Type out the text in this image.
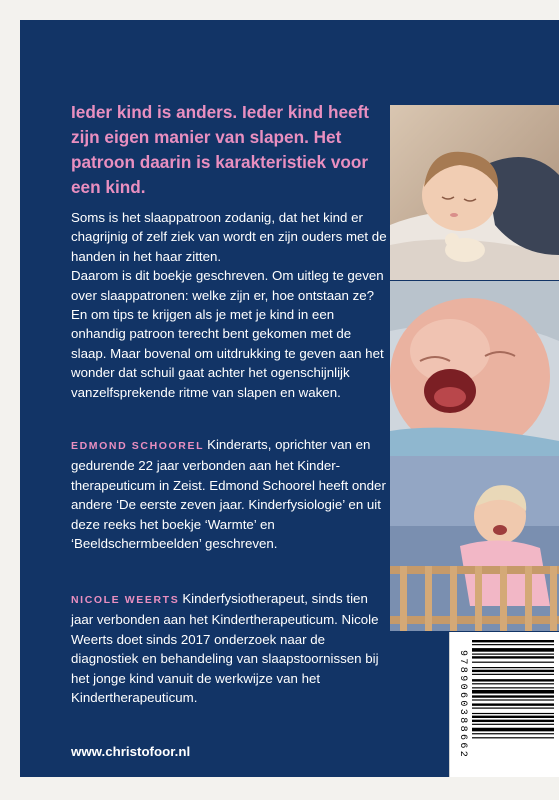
Ieder kind is anders. Ieder kind heeft zijn eigen manier van slapen. Het patroon daarin is karakteristiek voor een kind.

Soms is het slaappatroon zodanig, dat het kind er chagrijnig of zelf ziek van wordt en zijn ouders met de handen in het haar zitten.
Daarom is dit boekje geschreven. Om uitleg te geven over slaappatronen: welke zijn er, hoe ontstaan ze? En om tips te krijgen als je met je kind in een onhandig patroon terecht bent gekomen met de slaap. Maar bovenal om uitdrukking te geven aan het wonder dat schuil gaat achter het ogenschijnlijk vanzelfsprekende ritme van slapen en waken.

EDMOND SCHOOREL Kinderarts, oprichter van en gedurende 22 jaar verbonden aan het Kindertherapeuticum in Zeist. Edmond Schoorel heeft onder andere ‘De eerste zeven jaar. Kinderfysiologie’ en uit deze reeks het boekje ‘Warmte’ en ‘Beeldschermbeelden’ geschreven.

NICOLE WEERTS Kinderfysiotherapeut, sinds tien jaar verbonden aan het Kindertherapeuticum. Nicole Weerts doet sinds 2017 onderzoek naar de diagnostiek en behandeling van slaapstoornissen bij het jonge kind vanuit de werkwijze van het Kindertherapeuticum.

www.christofoor.nl	9789060388662
